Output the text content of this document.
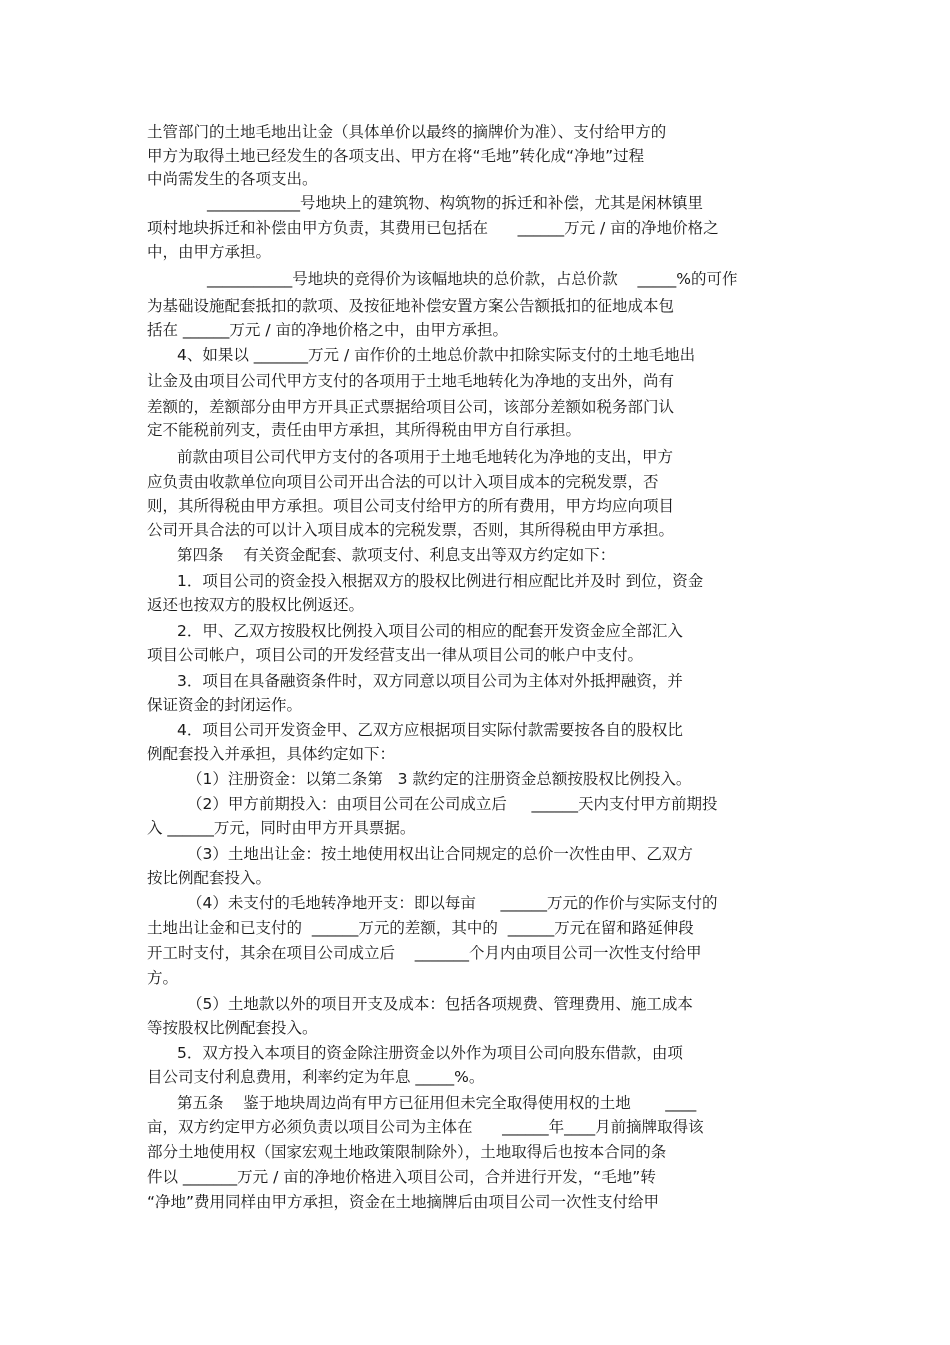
土管部门的土地毛地出让金（具体单价以最终的摘牌价为准）、支付给甲方的
甲方为取得土地已经发生的各项支出、甲方在将“毛地”转化成“净地”过程
中尚需发生的各项支出。
____________号地块上的建筑物、构筑物的拆迁和补偿，尤其是闲林镇里
项村地块拆迁和补偿由甲方负责，其费用已包括在      ______万元 / 亩的净地价格之
中，由甲方承担。
___________号地块的竞得价为该幅地块的总价款，占总价款    _____%的可作
为基础设施配套抵扣的款项、及按征地补偿安置方案公告额抵扣的征地成本包
括在 ______万元 / 亩的净地价格之中，由甲方承担。
4、如果以 _______万元 / 亩作价的土地总价款中扣除实际支付的土地毛地出
让金及由项目公司代甲方支付的各项用于土地毛地转化为净地的支出外，尚有
差额的，差额部分由甲方开具正式票据给项目公司，该部分差额如税务部门认
定不能税前列支，责任由甲方承担，其所得税由甲方自行承担。
前款由项目公司代甲方支付的各项用于土地毛地转化为净地的支出，甲方
应负责由收款单位向项目公司开出合法的可以计入项目成本的完税发票，否
则，其所得税由甲方承担。项目公司支付给甲方的所有费用，甲方均应向项目
公司开具合法的可以计入项目成本的完税发票，否则，其所得税由甲方承担。
第四条    有关资金配套、款项支付、利息支出等双方约定如下：
1．项目公司的资金投入根据双方的股权比例进行相应配比并及时 到位，资金
返还也按双方的股权比例返还。
2．甲、乙双方按股权比例投入项目公司的相应的配套开发资金应全部汇入
项目公司帐户，项目公司的开发经营支出一律从项目公司的帐户中支付。
3．项目在具备融资条件时，双方同意以项目公司为主体对外抵押融资，并
保证资金的封闭运作。
4．项目公司开发资金甲、乙双方应根据项目实际付款需要按各自的股权比
例配套投入并承担，具体约定如下：
（1）注册资金：以第二条第   3 款约定的注册资金总额按股权比例投入。
（2）甲方前期投入：由项目公司在公司成立后     ______天内支付甲方前期投
入 ______万元，同时由甲方开具票据。
（3）土地出让金：按土地使用权出让合同规定的总价一次性由甲、乙双方
按比例配套投入。
（4）未支付的毛地转净地开支：即以每亩     ______万元的作价与实际支付的
土地出让金和已支付的  ______万元的差额，其中的  ______万元在留和路延伸段
开工时支付，其余在项目公司成立后    _______个月内由项目公司一次性支付给甲
方。
（5）土地款以外的项目开支及成本：包括各项规费、管理费用、施工成本
等按股权比例配套投入。
5．双方投入本项目的资金除注册资金以外作为项目公司向股东借款，由项
目公司支付利息费用，利率约定为年息 _____%。
第五条    鉴于地块周边尚有甲方已征用但未完全取得使用权的土地       ____
亩，双方约定甲方必须负责以项目公司为主体在      ______年____月前摘牌取得该
部分土地使用权（国家宏观土地政策限制除外），土地取得后也按本合同的条
件以 _______万元 / 亩的净地价格进入项目公司，合并进行开发，“毛地”转
“净地”费用同样由甲方承担，资金在土地摘牌后由项目公司一次性支付给甲
